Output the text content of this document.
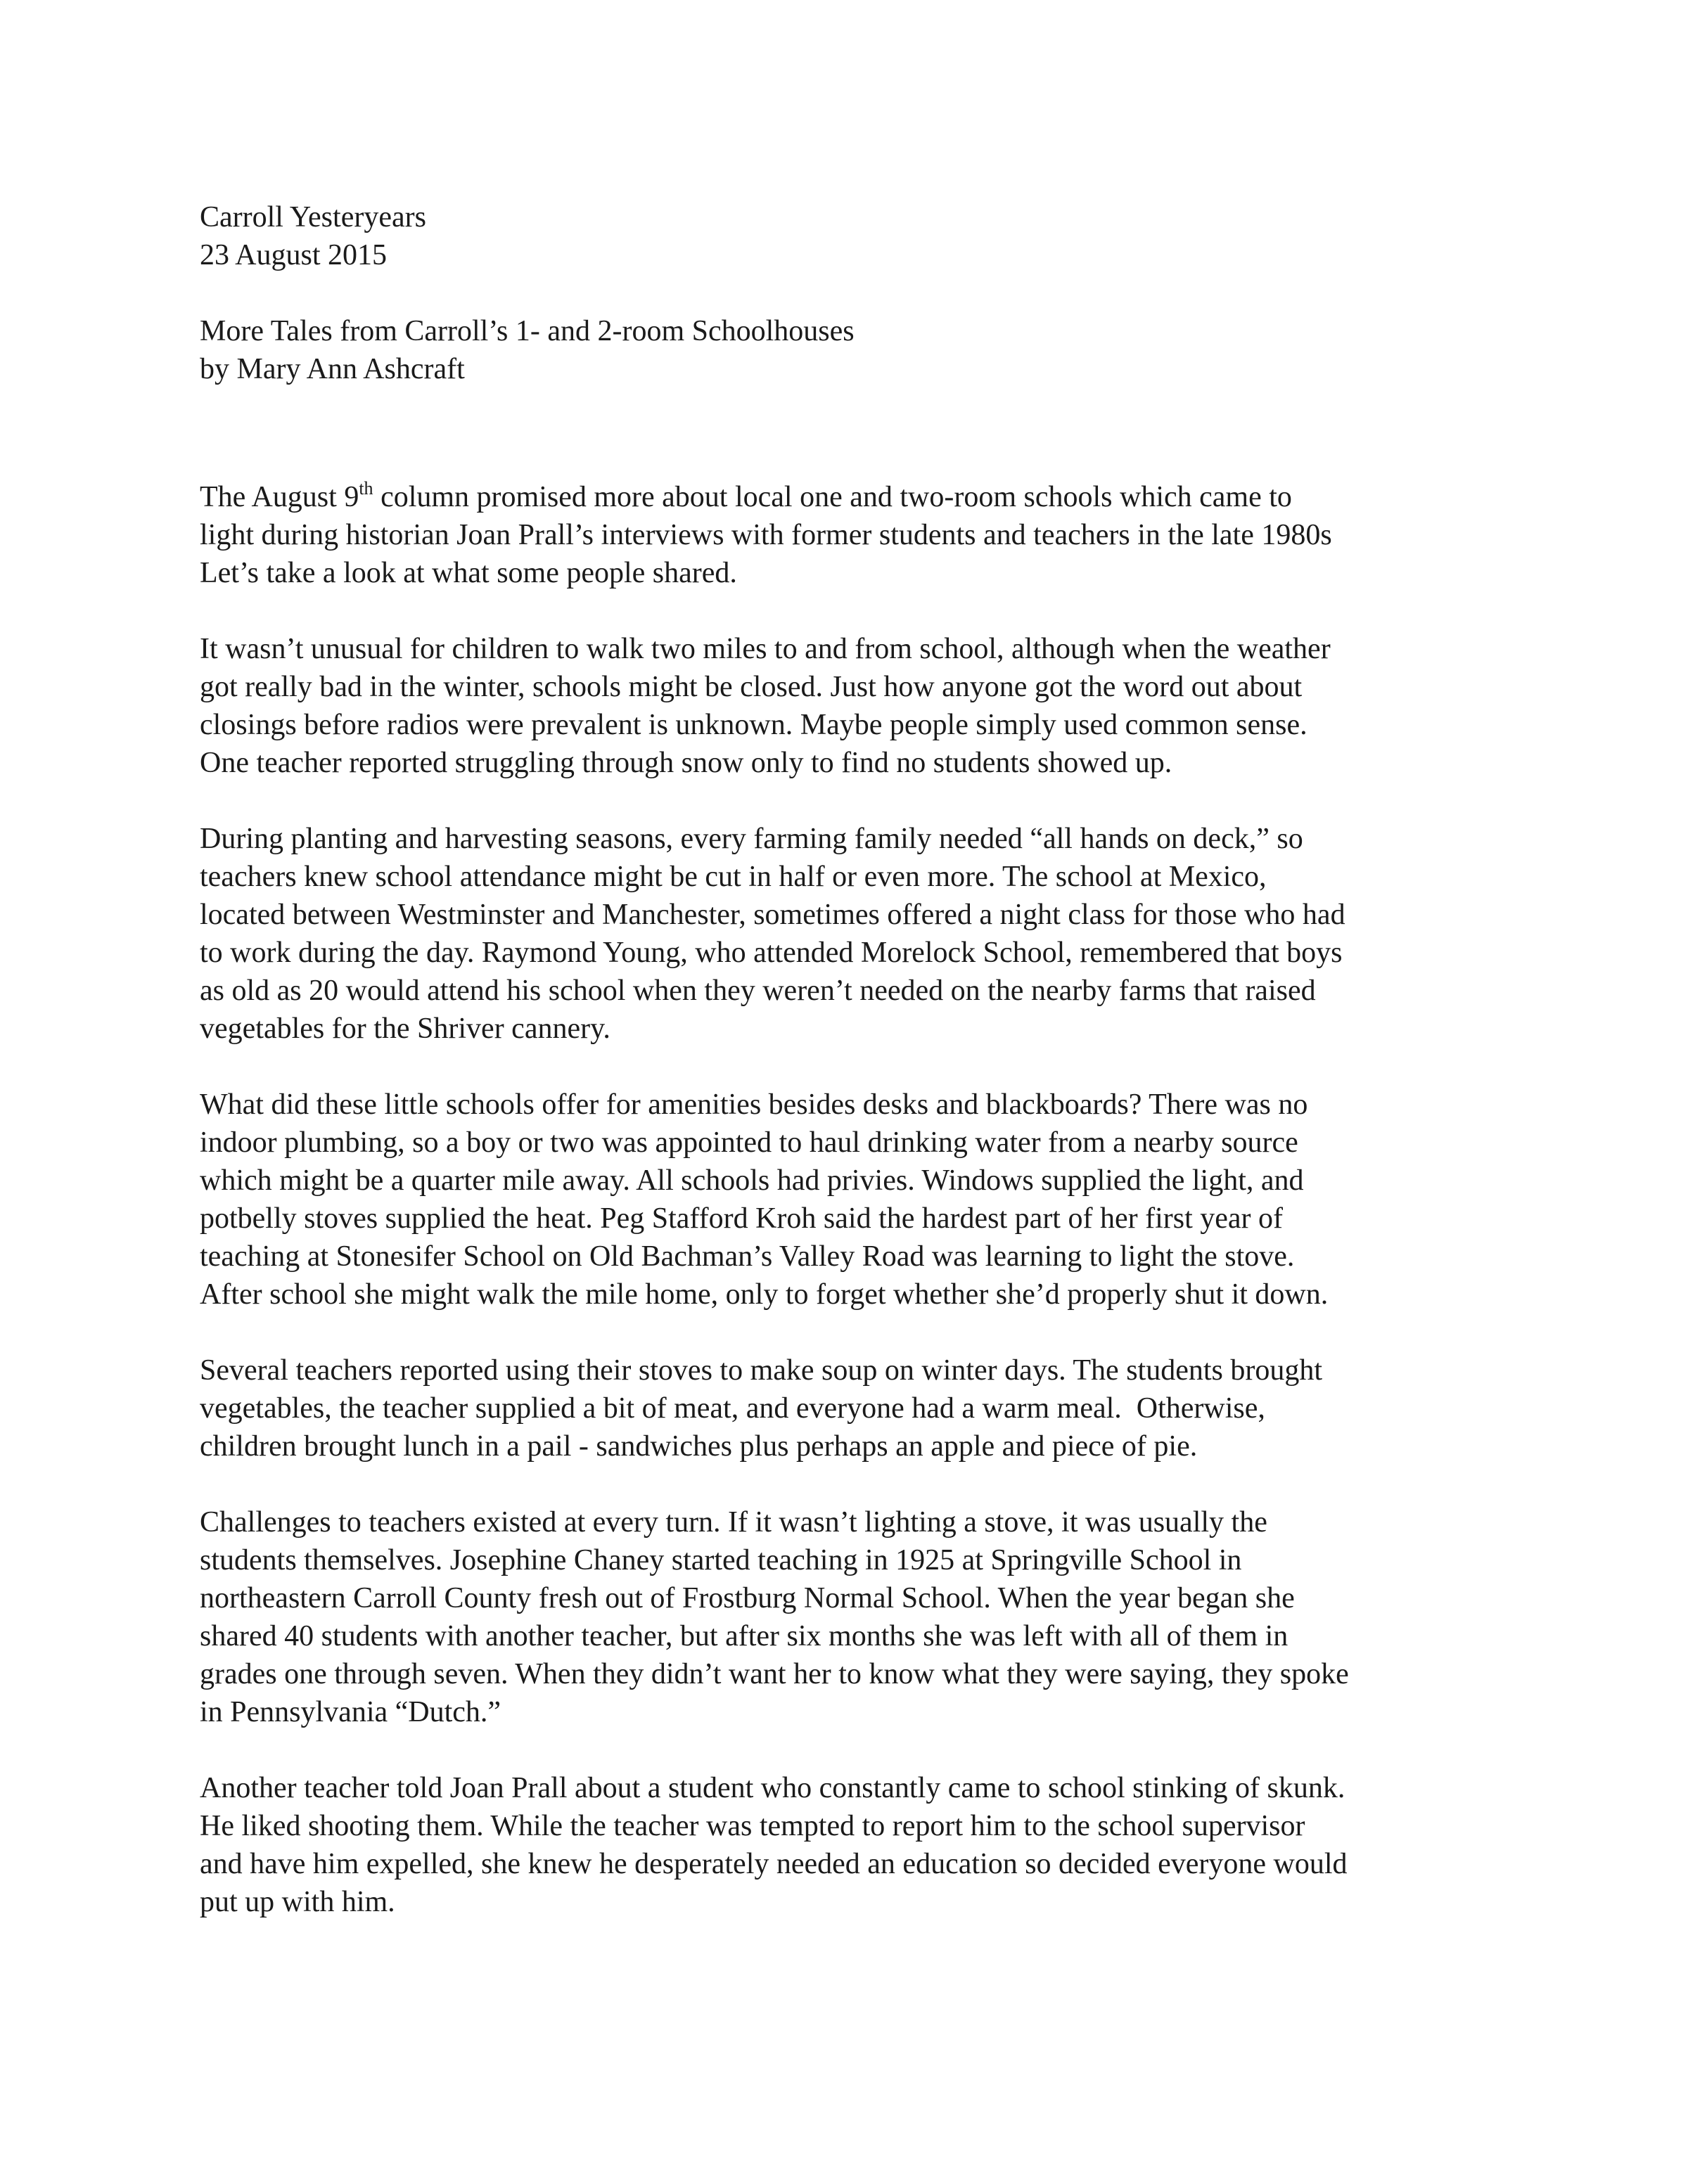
Carroll Yesteryears
23 August 2015
More Tales from Carroll’s 1- and 2-room Schoolhouses
by Mary Ann Ashcraft

The August 9th column promised more about local one and two-room schools which came to
light during historian Joan Prall’s interviews with former students and teachers in the late 1980s
Let’s take a look at what some people shared.

It wasn’t unusual for children to walk two miles to and from school, although when the weather
got really bad in the winter, schools might be closed. Just how anyone got the word out about
closings before radios were prevalent is unknown. Maybe people simply used common sense.
One teacher reported struggling through snow only to find no students showed up.

During planting and harvesting seasons, every farming family needed “all hands on deck,” so
teachers knew school attendance might be cut in half or even more. The school at Mexico,
located between Westminster and Manchester, sometimes offered a night class for those who had
to work during the day. Raymond Young, who attended Morelock School, remembered that boys
as old as 20 would attend his school when they weren’t needed on the nearby farms that raised
vegetables for the Shriver cannery.

What did these little schools offer for amenities besides desks and blackboards? There was no
indoor plumbing, so a boy or two was appointed to haul drinking water from a nearby source
which might be a quarter mile away. All schools had privies. Windows supplied the light, and
potbelly stoves supplied the heat. Peg Stafford Kroh said the hardest part of her first year of
teaching at Stonesifer School on Old Bachman’s Valley Road was learning to light the stove.
After school she might walk the mile home, only to forget whether she’d properly shut it down.

Several teachers reported using their stoves to make soup on winter days. The students brought
vegetables, the teacher supplied a bit of meat, and everyone had a warm meal.  Otherwise,
children brought lunch in a pail - sandwiches plus perhaps an apple and piece of pie.

Challenges to teachers existed at every turn. If it wasn’t lighting a stove, it was usually the
students themselves. Josephine Chaney started teaching in 1925 at Springville School in
northeastern Carroll County fresh out of Frostburg Normal School. When the year began she
shared 40 students with another teacher, but after six months she was left with all of them in
grades one through seven. When they didn’t want her to know what they were saying, they spoke
in Pennsylvania “Dutch.”

Another teacher told Joan Prall about a student who constantly came to school stinking of skunk.
He liked shooting them. While the teacher was tempted to report him to the school supervisor
and have him expelled, she knew he desperately needed an education so decided everyone would
put up with him.
